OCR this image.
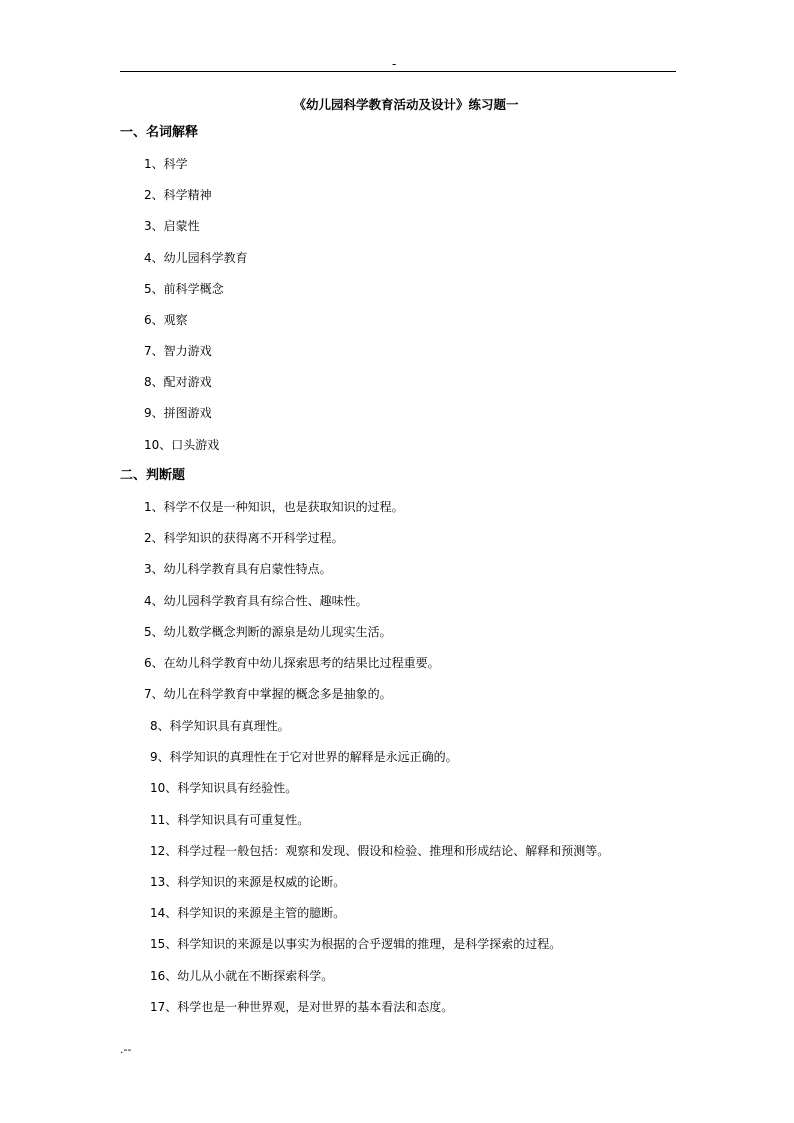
-
《幼儿园科学教育活动及设计》练习题一
一、名词解释
1、科学
2、科学精神
3、启蒙性
4、幼儿园科学教育
5、前科学概念
6、观察
7、智力游戏
8、配对游戏
9、拼图游戏
10、口头游戏
二、判断题
1、科学不仅是一种知识，也是获取知识的过程。
2、科学知识的获得离不开科学过程。
3、幼儿科学教育具有启蒙性特点。
4、幼儿园科学教育具有综合性、趣味性。
5、幼儿数学概念判断的源泉是幼儿现实生活。
6、在幼儿科学教育中幼儿探索思考的结果比过程重要。
7、幼儿在科学教育中掌握的概念多是抽象的。
8、科学知识具有真理性。
9、科学知识的真理性在于它对世界的解释是永远正确的。
10、科学知识具有经验性。
11、科学知识具有可重复性。
12、科学过程一般包括：观察和发现、假设和检验、推理和形成结论、解释和预测等。
13、科学知识的来源是权威的论断。
14、科学知识的来源是主管的臆断。
15、科学知识的来源是以事实为根据的合乎逻辑的推理，是科学探索的过程。
16、幼儿从小就在不断探索科学。
17、科学也是一种世界观，是对世界的基本看法和态度。
.--
